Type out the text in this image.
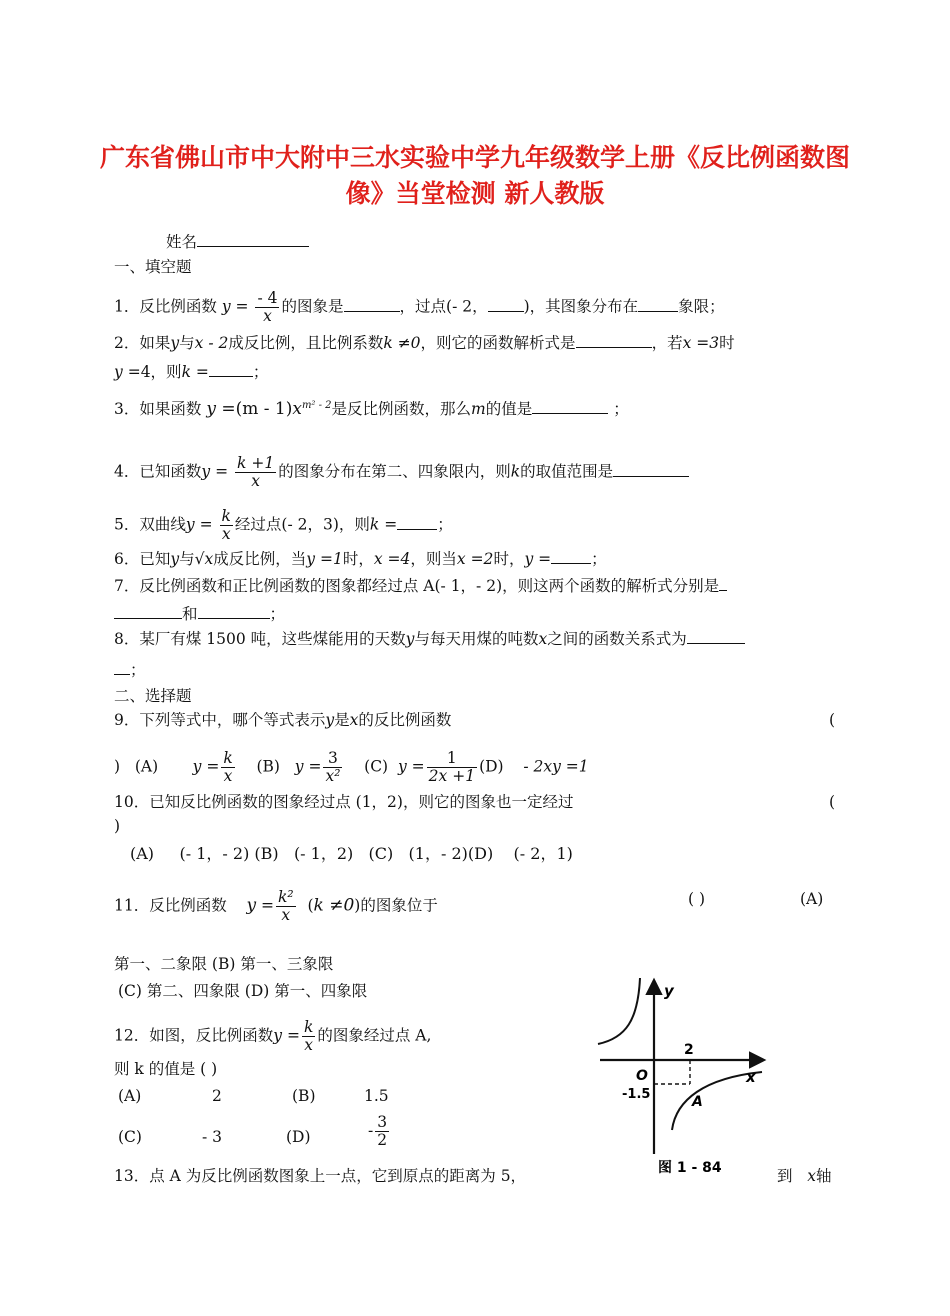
广东省佛山市中大附中三水实验中学九年级数学上册《反比例函数图
像》当堂检测 新人教版
姓名
一、填空题
1．反比例函数 $y = \frac{- 4}{x}$ 的图象是	，过点(- 2， )，其图象分布在	象限；
2．如果y与x - 2成反比例，且比例系数k ≠0，则它的函数解析式是	，若x =3时
y =4，则k =	；
3．如果函数 $y =(m - 1)x^{m^2 - 2}$是反比例函数，那么m的值是	；
4．已知函数$y = \frac{k +1}{x}$ 的图象分布在第二、四象限内，则k的取值范围是
5．双曲线$y = \frac{k}{x}$ 经过点(- 2，3)，则k =	；
6．已知y与√x成反比例，当y =1时，x =4，则当x =2时，y =	；
7．反比例函数和正比例函数的图象都经过点 A(- 1，- 2)，则这两个函数的解析式分别是
和	；
8．某厂有煤 1500 吨，这些煤能用的天数y与每天用煤的吨数x之间的函数关系式为
；
二、选择题
9．下列等式中，哪个等式表示y是x的反比例函数	(
) (A) $y = \frac{k}{x} (B) y = \frac{3}{\text{x²}} (C) y = \frac{1}{2x +1} (D) - 2xy =1$
10．已知反比例函数的图象经过点 (1，2)，则它的图象也一定经过	(
)
(A) (- 1，- 2) (B) (- 1，2) (C) (1，- 2)(D) (- 2，1)
11．反比例函数 $y = \frac{\text{k²}}{x} (k \ne 0)$的图象位于	( )	(A)
第一、二象限 (B) 第一、三象限
(C) 第二、四象限 (D) 第一、四象限
12．如图，反比例函数$y = \frac{k}{x}$ 的图象经过点 A,
则 k 的值是 ( )
(A)	2	(B)	1.5
(C)	- 3	(D)	- $\frac{3}{2}$
13．点 A 为反比例函数图象上一点，它到原点的距离为 5，	到 x轴
y
x
O
2
-1.5	A
图 1 - 84
